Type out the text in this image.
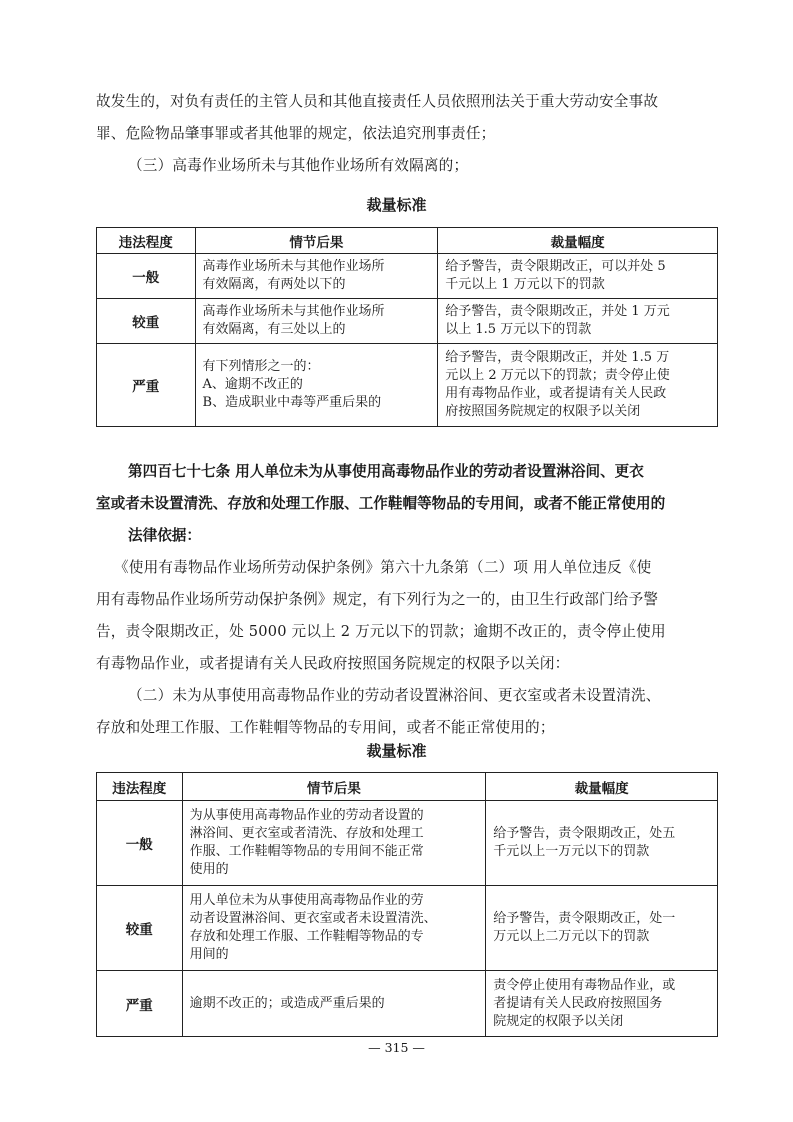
故发生的，对负有责任的主管人员和其他直接责任人员依照刑法关于重大劳动安全事故

罪、危险物品肇事罪或者其他罪的规定，依法追究刑事责任；

（三）高毒作业场所未与其他作业场所有效隔离的；

裁量标准

违法程度	情节后果	裁量幅度
一般	高毒作业场所未与其他作业场所
有效隔离，有两处以下的	给予警告，责令限期改正，可以并处 5
千元以上 1 万元以下的罚款

较重	高毒作业场所未与其他作业场所
有效隔离，有三处以上的	给予警告，责令限期改正，并处 1 万元
以上 1.5 万元以下的罚款

严重	有下列情形之一的：
A、逾期不改正的
B、造成职业中毒等严重后果的	给予警告，责令限期改正，并处 1.5 万
元以上 2 万元以下的罚款；责令停止使
用有毒物品作业，或者提请有关人民政
府按照国务院规定的权限予以关闭

第四百七十七条 用人单位未为从事使用高毒物品作业的劳动者设置淋浴间、更衣

室或者未设置清洗、存放和处理工作服、工作鞋帽等物品的专用间，或者不能正常使用的

法律依据：

《使用有毒物品作业场所劳动保护条例》第六十九条第（二）项 用人单位违反《使

用有毒物品作业场所劳动保护条例》规定，有下列行为之一的，由卫生行政部门给予警

告，责令限期改正，处 5000 元以上 2 万元以下的罚款；逾期不改正的，责令停止使用

有毒物品作业，或者提请有关人民政府按照国务院规定的权限予以关闭：

（二）未为从事使用高毒物品作业的劳动者设置淋浴间、更衣室或者未设置清洗、

存放和处理工作服、工作鞋帽等物品的专用间，或者不能正常使用的；

裁量标准

违法程度	情节后果	裁量幅度
一般	为从事使用高毒物品作业的劳动者设置的
淋浴间、更衣室或者清洗、存放和处理工
作服、工作鞋帽等物品的专用间不能正常
使用的	给予警告，责令限期改正，处五
千元以上一万元以下的罚款

较重	用人单位未为从事使用高毒物品作业的劳
动者设置淋浴间、更衣室或者未设置清洗、
存放和处理工作服、工作鞋帽等物品的专
用间的	给予警告，责令限期改正，处一
万元以上二万元以下的罚款

严重	逾期不改正的；或造成严重后果的	责令停止使用有毒物品作业，或
者提请有关人民政府按照国务
院规定的权限予以关闭
— 315 —
